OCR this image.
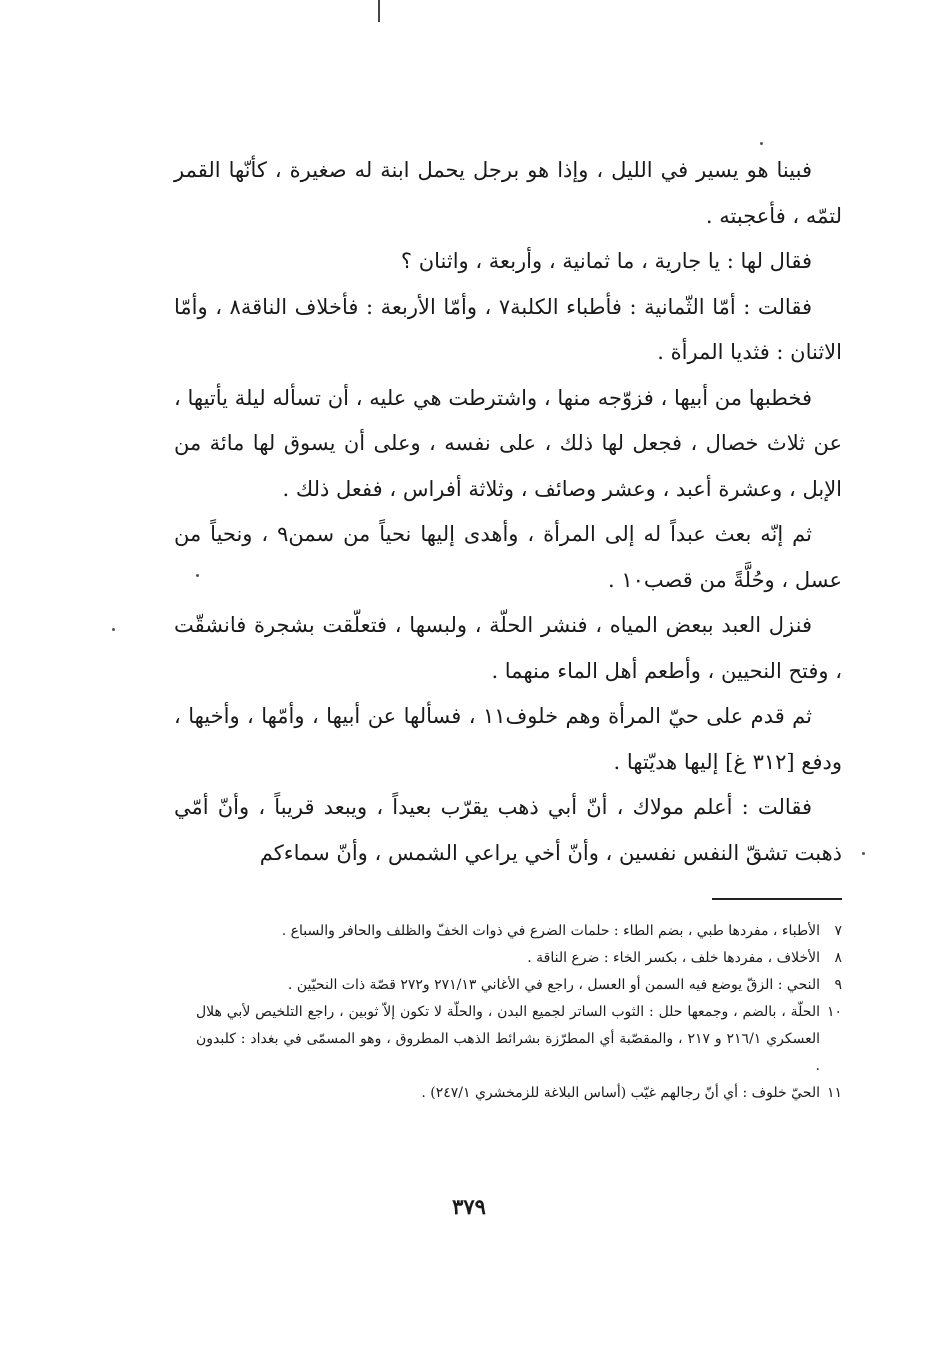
فبينا هو يسير في الليل ، وإذا هو برجل يحمل ابنة له صغيرة ، كأنّها القمر لتمّه ، فأعجبته .

فقال لها : يا جارية ، ما ثمانية ، وأربعة ، واثنان ؟

فقالت : أمّا الثّمانية : فأطباء الكلبة٧ ، وأمّا الأربعة : فأخلاف الناقة٨ ، وأمّا الاثنان : فثديا المرأة .

فخطبها من أبيها ، فزوّجه منها ، واشترطت هي عليه ، أن تسأله ليلة يأتيها ، عن ثلاث خصال ، فجعل لها ذلك ، على نفسه ، وعلى أن يسوق لها مائة من الإبل ، وعشرة أعبد ، وعشر وصائف ، وثلاثة أفراس ، ففعل ذلك .

ثم إنّه بعث عبداً له إلى المرأة ، وأهدى إليها نحياً من سمن٩ ، ونحياً من عسل ، وحُلَّةً من قصب١٠ .

فنزل العبد ببعض المياه ، فنشر الحلّة ، ولبسها ، فتعلّقت بشجرة فانشقّت ، وفتح النحيين ، وأطعم أهل الماء منهما .

ثم قدم على حيّ المرأة وهم خلوف١١ ، فسألها عن أبيها ، وأمّها ، وأخيها ، ودفع [٣١٢ غ] إليها هديّتها .

فقالت : أعلم مولاك ، أنّ أبي ذهب يقرّب بعيداً ، ويبعد قريباً ، وأنّ أمّي ذهبت تشقّ النفس نفسين ، وأنّ أخي يراعي الشمس ، وأنّ سماءكم

٧
الأطباء ، مفردها طبي ، بضم الطاء : حلمات الضرع في ذوات الخفّ والظلف والحافر والسباع .
٨
الأخلاف ، مفردها خلف ، بكسر الخاء : ضرع الناقة .
٩
النحي : الزقّ يوضع فيه السمن أو العسل ، راجع في الأغاني ٢٧١/١٣ و٢٧٢ قصّة ذات النحيّين .
١٠
الحلّة ، بالضم ، وجمعها حلل : الثوب الساتر لجميع البدن ، والحلّة لا تكون إلاّ ثوبين ، راجع التلخيص لأبي هلال العسكري ٢١٦/١ و ٢١٧ ، والمقصّبة أي المطرّزة بشرائط الذهب المطروق ، وهو المسمّى في بغداد : كلبدون .
١١
الحيّ خلوف : أي أنّ رجالهم غيّب (أساس البلاغة للزمخشري ٢٤٧/١) .
٣٧٩
